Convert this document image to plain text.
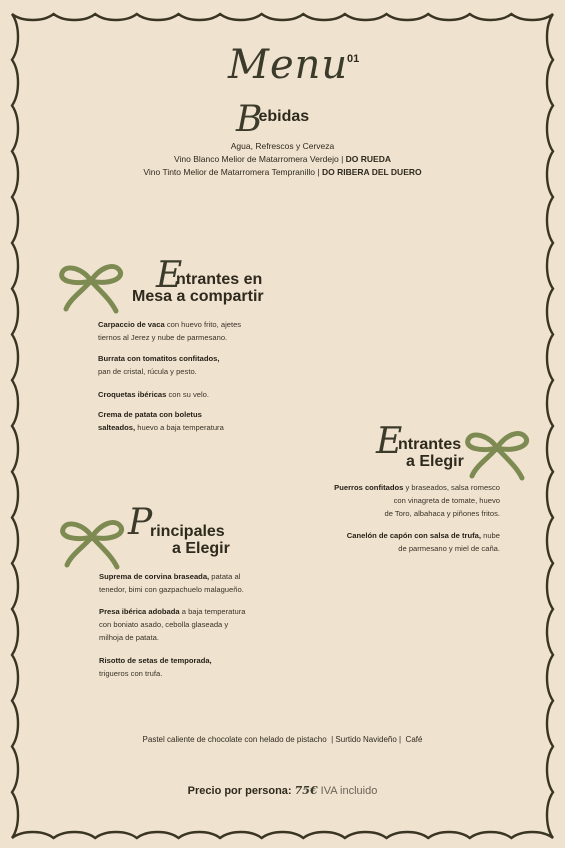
Menu
01
Bebidas
Agua, Refrescos y Cerveza
Vino Blanco Melior de Matarromera Verdejo | DO RUEDA
Vino Tinto Melior de Matarromera Tempranillo | DO RIBERA DEL DUERO
E
ntrantes en
Mesa a compartir
Carpaccio de vaca con huevo frito, ajetes
tiernos al Jerez y nube de parmesano.
Burrata con tomatitos confitados,
pan de cristal, rúcula y pesto.
Croquetas ibéricas con su velo.
Crema de patata con boletus
salteados, huevo a baja temperatura	E
ntrantes
a Elegir
Puerros confitados y braseados, salsa romesco
con vinagreta de tomate, huevo
de Toro, albahaca y piñones fritos.
Canelón de capón con salsa de trufa, nube
de parmesano y miel de caña.
P
rincipales
a Elegir
Suprema de corvina braseada, patata al
tenedor, bimi con gazpachuelo malagueño.
Presa ibérica adobada a baja temperatura
con boniato asado, cebolla glaseada y
milhoja de patata.
Risotto de setas de temporada,
trigueros con trufa.
Pastel caliente de chocolate con helado de pistacho  | Surtido Navideño |  Café
Precio por persona: 75€ IVA incluido
